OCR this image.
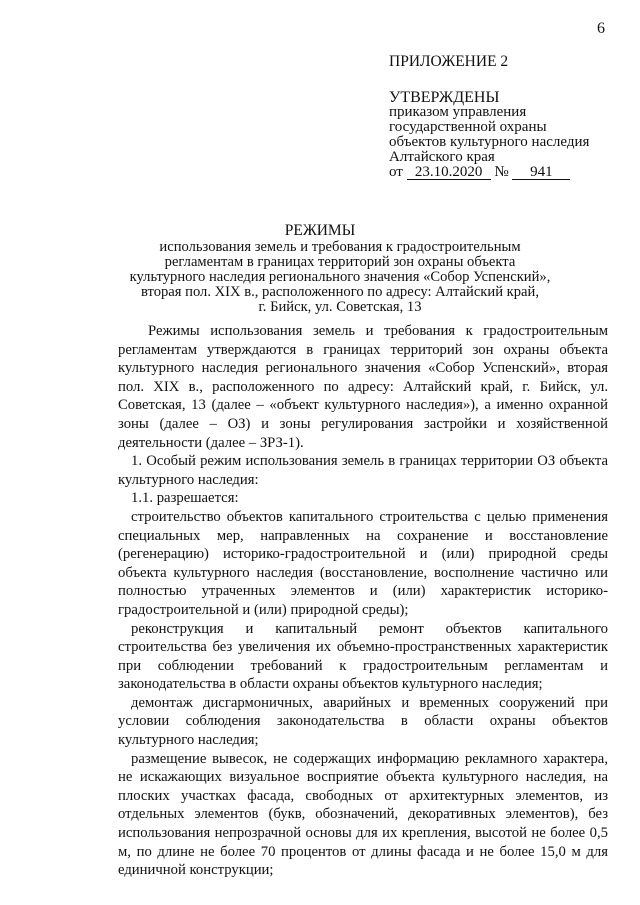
6
ПРИЛОЖЕНИЕ 2
УТВЕРЖДЕНЫ
приказом управления
государственной охраны
объектов культурного наследия
Алтайского края
от 23.10.2020 № 941
РЕЖИМЫ
использования земель и требования к градостроительным
регламентам в границах территорий зон охраны объекта
культурного наследия регионального значения «Собор Успенский»,
вторая пол. XIX в., расположенного по адресу: Алтайский край,
г. Бийск, ул. Советская, 13

Режимы использования земель и требования к градостроительным регламентам утверждаются в границах территорий зон охраны объекта культурного наследия регионального значения «Собор Успенский», вторая пол. XIX в., расположенного по адресу: Алтайский край, г. Бийск, ул. Советская, 13 (далее – «объект культурного наследия»), а именно охранной зоны (далее – ОЗ) и зоны регулирования застройки и хозяйственной деятельности (далее – ЗРЗ-1).

1. Особый режим использования земель в границах территории ОЗ объекта культурного наследия:

1.1. разрешается:

строительство объектов капитального строительства с целью применения специальных мер, направленных на сохранение и восстановление (регенерацию) историко-градостроительной и (или) природной среды объекта культурного наследия (восстановление, восполнение частично или полностью утраченных элементов и (или) характеристик историко-градостроительной и (или) природной среды);

реконструкция и капитальный ремонт объектов капитального строительства без увеличения их объемно-пространственных характеристик при соблюдении требований к градостроительным регламентам и законодательства в области охраны объектов культурного наследия;

демонтаж дисгармоничных, аварийных и временных сооружений при условии соблюдения законодательства в области охраны объектов культурного наследия;

размещение вывесок, не содержащих информацию рекламного характера, не искажающих визуальное восприятие объекта культурного наследия, на плоских участках фасада, свободных от архитектурных элементов, из отдельных элементов (букв, обозначений, декоративных элементов), без использования непрозрачной основы для их крепления, высотой не более 0,5 м, по длине не более 70 процентов от длины фасада и не более 15,0 м для единичной конструкции;
